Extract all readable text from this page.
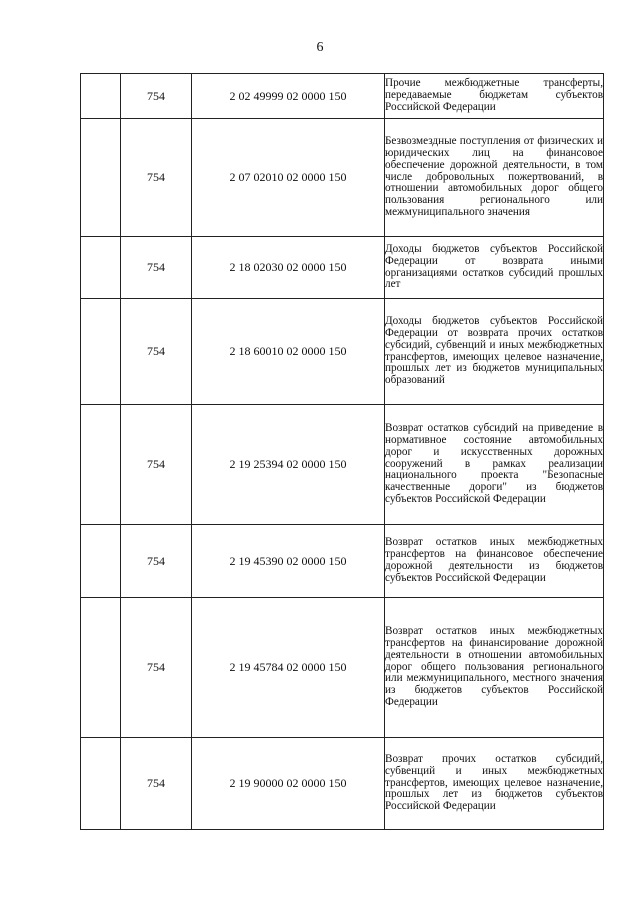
6
	754	2 02 49999 02 0000 150	Прочие межбюджетные трансферты, передаваемые бюджетам субъектов Российской Федерации

	754	2 07 02010 02 0000 150	Безвозмездные поступления от физических и юридических лиц на финансовое обеспечение дорожной деятельности, в том числе добровольных пожертвований, в отношении автомобильных дорог общего пользования регионального или межмуниципального значения

	754	2 18 02030 02 0000 150	Доходы бюджетов субъектов Российской Федерации от возврата иными организациями остатков субсидий прошлых лет

	754	2 18 60010 02 0000 150	Доходы бюджетов субъектов Российской Федерации от возврата прочих остатков субсидий, субвенций и иных межбюджетных трансфертов, имеющих целевое назначение, прошлых лет из бюджетов муниципальных образований

	754	2 19 25394 02 0000 150	Возврат остатков субсидий на приведение в нормативное состояние автомобильных дорог и искусственных дорожных сооружений в рамках реализации национального проекта "Безопасные качественные дороги" из бюджетов субъектов Российской Федерации

	754	2 19 45390 02 0000 150	Возврат остатков иных межбюджетных трансфертов на финансовое обеспечение дорожной деятельности из бюджетов субъектов Российской Федерации

	754	2 19 45784 02 0000 150	Возврат остатков иных межбюджетных трансфертов на финансирование дорожной деятельности в отношении автомобильных дорог общего пользования регионального или межмуниципального, местного значения из бюджетов субъектов Российской Федерации

	754	2 19 90000 02 0000 150	Возврат прочих остатков субсидий, субвенций и иных межбюджетных трансфертов, имеющих целевое назначение, прошлых лет из бюджетов субъектов Российской Федерации
